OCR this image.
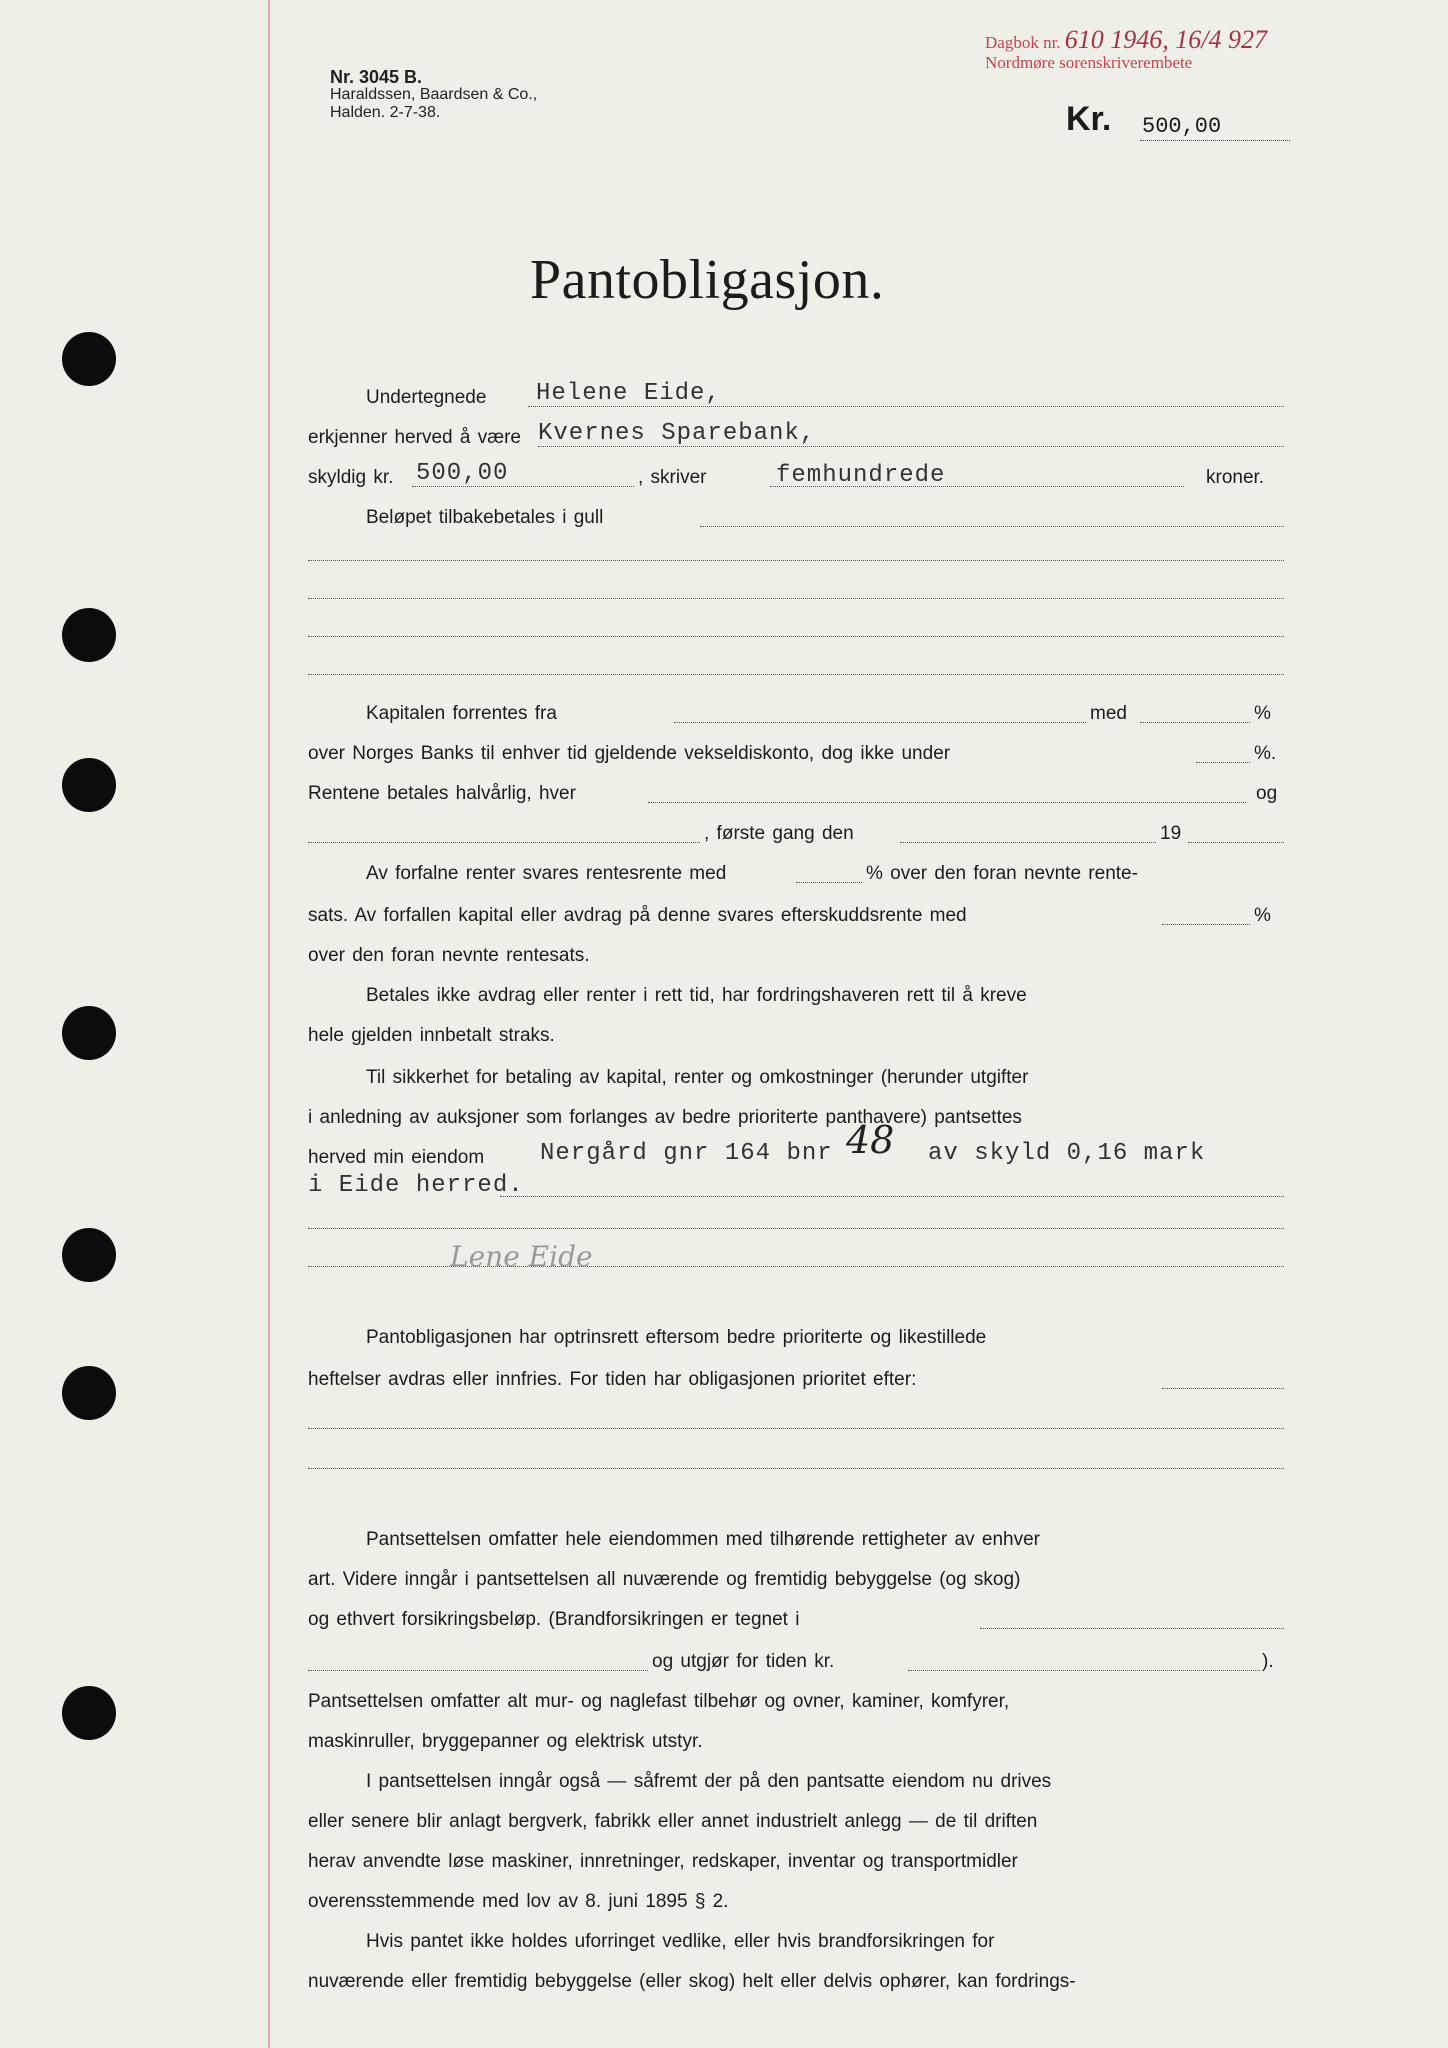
Nr. 3045 B.
Haraldssen, Baardsen & Co.,
Halden. 2-7-38.
Dagbok nr. 610 1946, 16/4 927
Nordmøre sorenskriverembete
Kr. 500,00
Pantobligasjon.
Undertegnede Helene Eide,
erkjenner herved å være Kvernes Sparebank,
skyldig kr. 500,00	, skriver	femhundrede	kroner.
Beløpet tilbakebetales i gull
Kapitalen forrentes fra	med	%
over Norges Banks til enhver tid gjeldende vekseldiskonto, dog ikke under	%.
Rentene betales halvårlig, hver	og
, første gang den	19
Av forfalne renter svares rentesrente med	% over den foran nevnte rente-
sats. Av forfallen kapital eller avdrag på denne svares efterskuddsrente med	%
over den foran nevnte rentesats.
Betales ikke avdrag eller renter i rett tid, har fordringshaveren rett til å kreve
hele gjelden innbetalt straks.
Til sikkerhet for betaling av kapital, renter og omkostninger (herunder utgifter
i anledning av auksjoner som forlanges av bedre prioriterte panthavere) pantsettes
herved min eiendom Nergård gnr 164 bnr 48 av skyld 0,16 mark
i Eide herred.
Lene Eide
Pantobligasjonen har optrinsrett eftersom bedre prioriterte og likestillede
heftelser avdras eller innfries. For tiden har obligasjonen prioritet efter:
Pantsettelsen omfatter hele eiendommen med tilhørende rettigheter av enhver
art. Videre inngår i pantsettelsen all nuværende og fremtidig bebyggelse (og skog)
og ethvert forsikringsbeløp. (Brandforsikringen er tegnet i
og utgjør for tiden kr.	).
Pantsettelsen omfatter alt mur- og naglefast tilbehør og ovner, kaminer, komfyrer,
maskinruller, bryggepanner og elektrisk utstyr.
I pantsettelsen inngår også — såfremt der på den pantsatte eiendom nu drives
eller senere blir anlagt bergverk, fabrikk eller annet industrielt anlegg — de til driften
herav anvendte løse maskiner, innretninger, redskaper, inventar og transportmidler
overensstemmende med lov av 8. juni 1895 § 2.
Hvis pantet ikke holdes uforringet vedlike, eller hvis brandforsikringen for
nuværende eller fremtidig bebyggelse (eller skog) helt eller delvis ophører, kan fordrings-
